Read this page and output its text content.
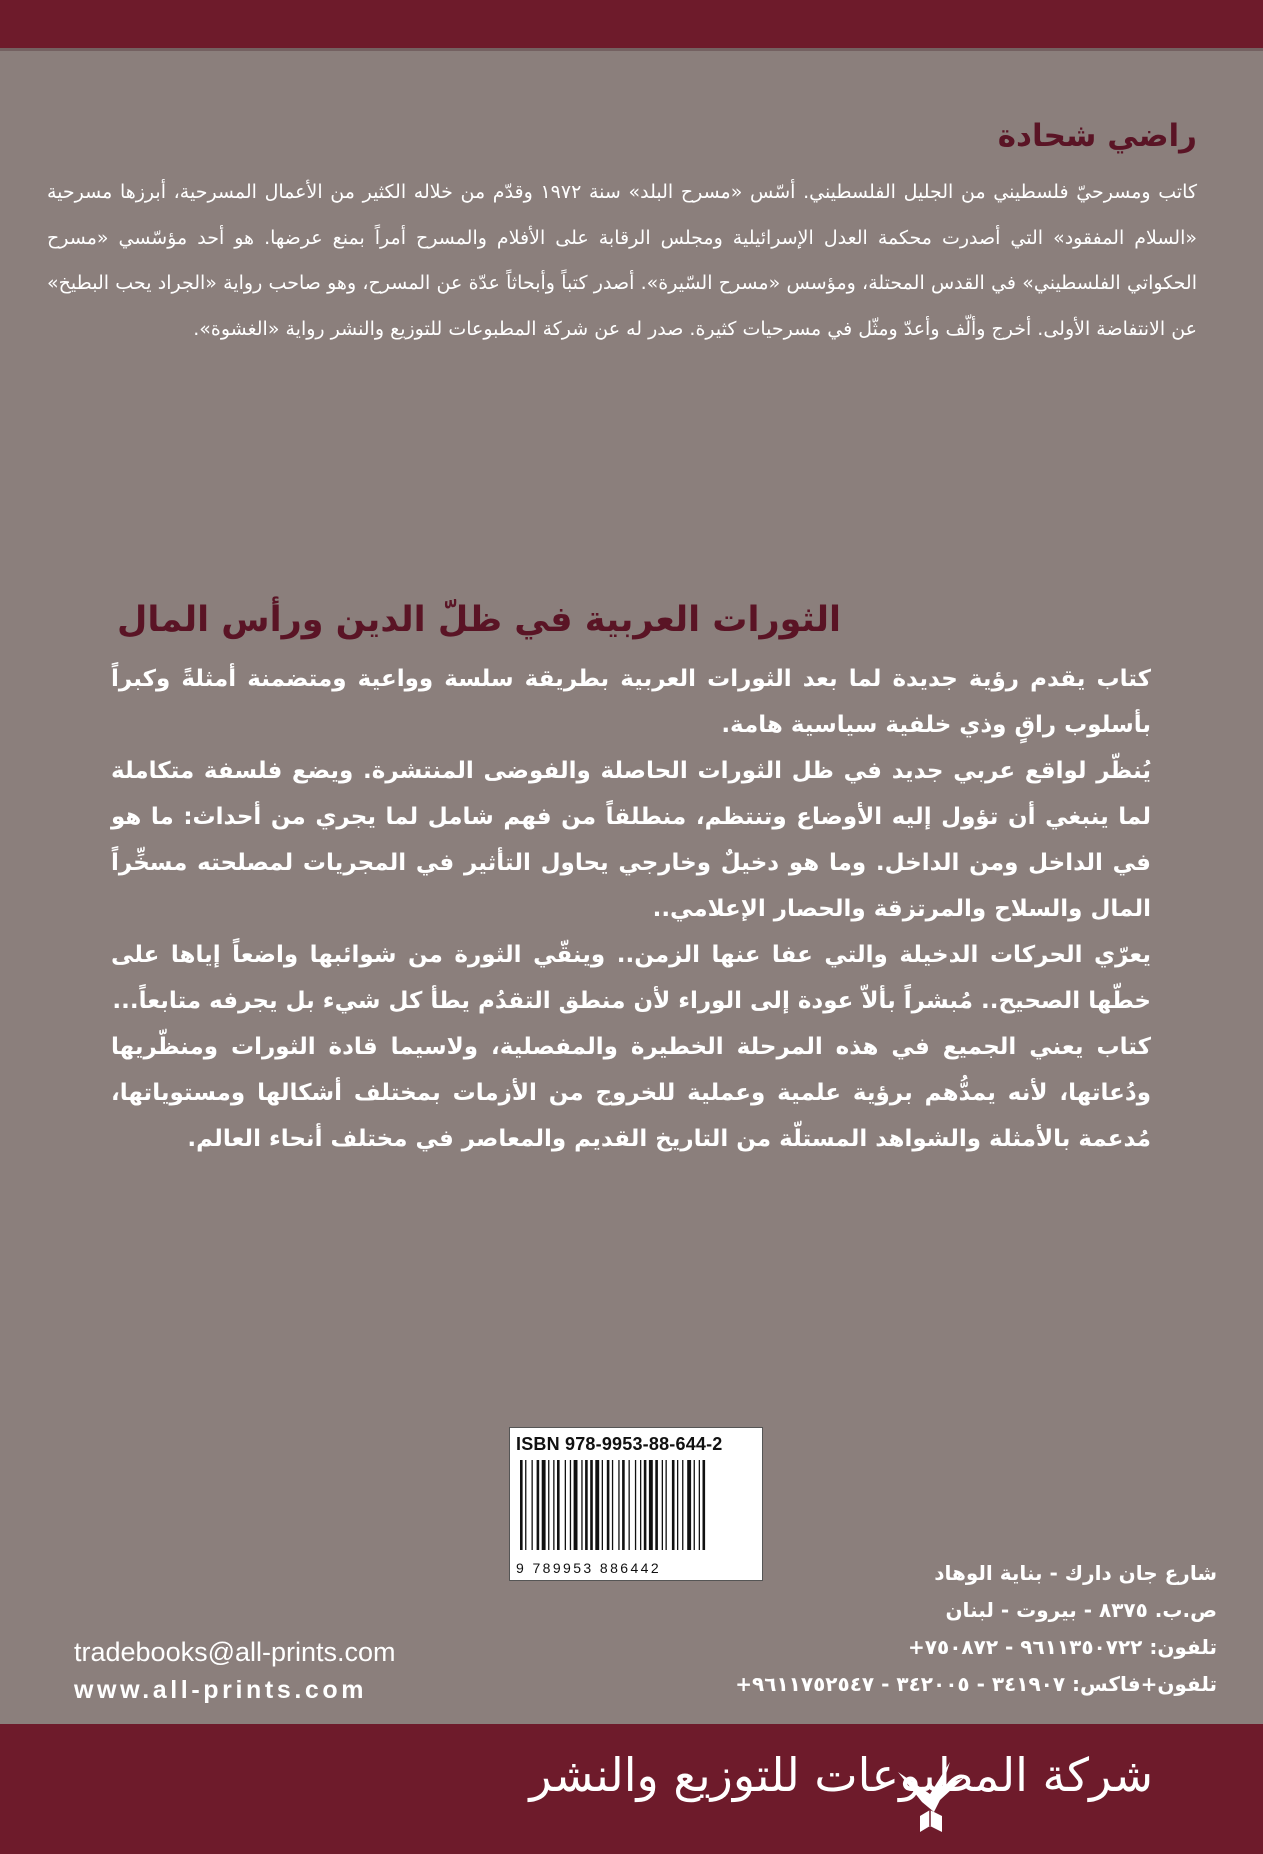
راضي شحادة

كاتب ومسرحيّ فلسطيني من الجليل الفلسطيني. أسّس «مسرح البلد» سنة ١٩٧٢ وقدّم من خلاله الكثير من الأعمال المسرحية، أبرزها مسرحية «السلام المفقود» التي أصدرت محكمة العدل الإسرائيلية ومجلس الرقابة على الأفلام والمسرح أمراً بمنع عرضها. هو أحد مؤسّسي «مسرح الحكواتي الفلسطيني» في القدس المحتلة، ومؤسس «مسرح السّيرة». أصدر كتباً وأبحاثاً عدّة عن المسرح، وهو صاحب رواية «الجراد يحب البطيخ» عن الانتفاضة الأولى. أخرج وألّف وأعدّ ومثّل في مسرحيات كثيرة. صدر له عن شركة المطبوعات للتوزيع والنشر رواية «الغشوة».

الثورات العربية في ظلّ الدين ورأس المال

كتاب يقدم رؤية جديدة لما بعد الثورات العربية بطريقة سلسة وواعية ومتضمنة أمثلةً وكبراً بأسلوب راقٍ وذي خلفية سياسية هامة.

يُنظّر لواقع عربي جديد في ظل الثورات الحاصلة والفوضى المنتشرة. ويضع فلسفة متكاملة لما ينبغي أن تؤول إليه الأوضاع وتنتظم، منطلقاً من فهم شامل لما يجري من أحداث: ما هو في الداخل ومن الداخل. وما هو دخيلٌ وخارجي يحاول التأثير في المجريات لمصلحته مسخِّراً المال والسلاح والمرتزقة والحصار الإعلامي..

يعرّي الحركات الدخيلة والتي عفا عنها الزمن.. وينقّي الثورة من شوائبها واضعاً إياها على خطّها الصحيح.. مُبشراً بألاّ عودة إلى الوراء لأن منطق التقدُم يطأ كل شيء بل يجرفه متابعاً...

كتاب يعني الجميع في هذه المرحلة الخطيرة والمفصلية، ولاسيما قادة الثورات ومنظّريها ودُعاتها، لأنه يمدُّهم برؤية علمية وعملية للخروج من الأزمات بمختلف أشكالها ومستوياتها، مُدعمة بالأمثلة والشواهد المستلّة من التاريخ القديم والمعاصر في مختلف أنحاء العالم.

ISBN 978-9953-88-644-2
9 789953 886442	شارع جان دارك - بناية الوهاد
ص.ب. ٨٣٧٥ - بيروت - لبنان
تلفون: ٩٦١١٣٥٠٧٢٢ - ٧٥٠٨٧٢+
تلفون+فاكس: ٣٤١٩٠٧ - ٣٤٢٠٠٥ - ٩٦١١٧٥٢٥٤٧+
tradebooks@all-prints.com
www.all-prints.com
شركة المطبوعات للتوزيع والنشر
